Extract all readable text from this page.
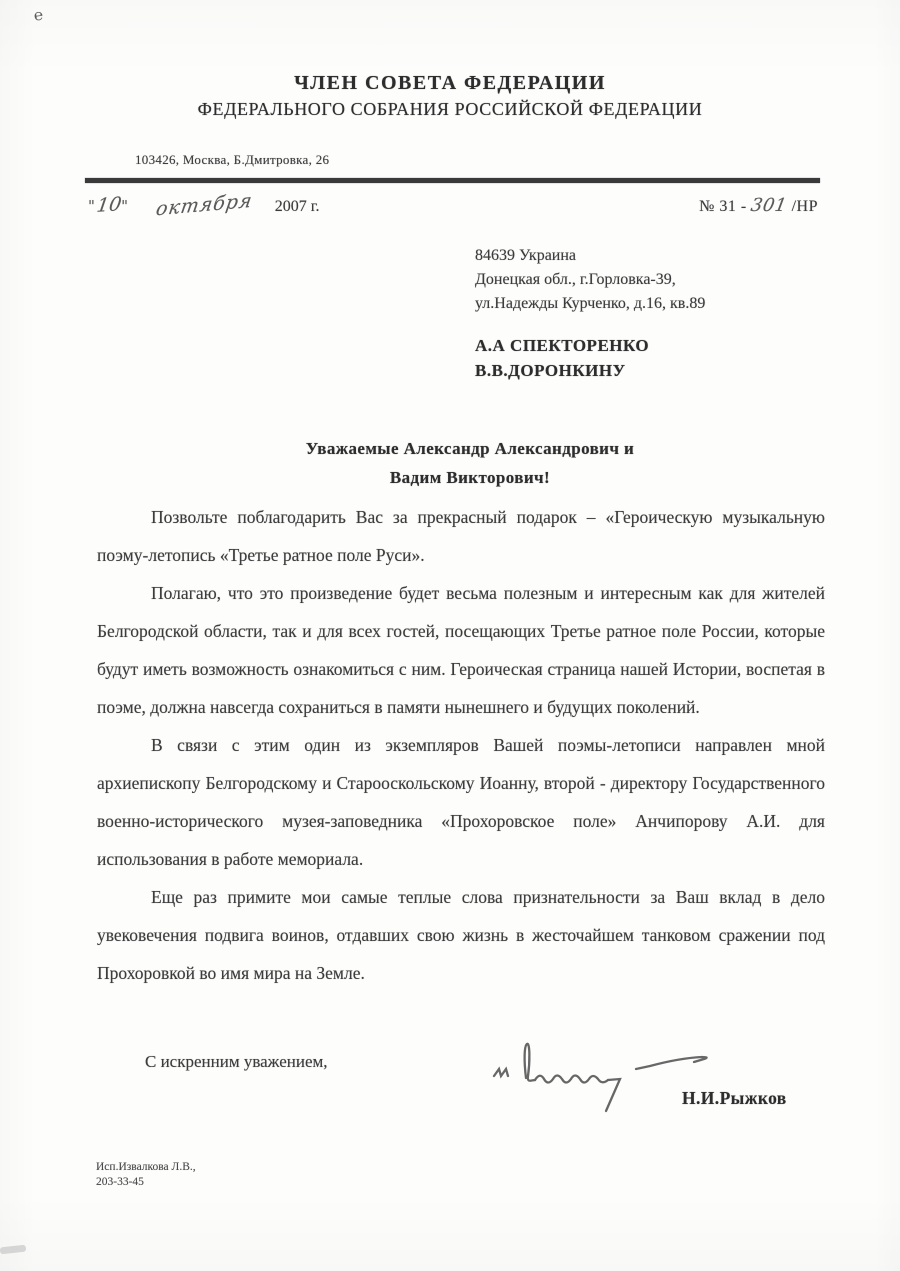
℮
ЧЛЕН СОВЕТА ФЕДЕРАЦИИ
ФЕДЕРАЛЬНОГО СОБРАНИЯ РОССИЙСКОЙ ФЕДЕРАЦИИ
103426, Москва, Б.Дмитровка, 26
" 10
" октября 2007 г.	№ 31 - 301 /НР
84639 Украина
Донецкая обл., г.Горловка-39,
ул.Надежды Курченко, д.16, кв.89
А.А СПЕКТОРЕНКО
В.В.ДОРОНКИНУ
Уважаемые Александр Александрович и
Вадим Викторович!

Позвольте поблагодарить Вас за прекрасный подарок – «Героическую музыкальную поэму-летопись «Третье ратное поле Руси».

Полагаю, что это произведение будет весьма полезным и интересным как для жителей Белгородской области, так и для всех гостей, посещающих Третье ратное поле России, которые будут иметь возможность ознакомиться с ним. Героическая страница нашей Истории, воспетая в поэме, должна навсегда сохраниться в памяти нынешнего и будущих поколений.

В связи с этим один из экземпляров Вашей поэмы-летописи направлен мной архиепископу Белгородскому и Старооскольскому Иоанну, второй - директору Государственного военно-исторического музея-заповедника «Прохоровское поле» Анчипорову А.И. для использования в работе мемориала.

Еще раз примите мои самые теплые слова признательности за Ваш вклад в дело увековечения подвига воинов, отдавших свою жизнь в жесточайшем танковом сражении под Прохоровкой во имя мира на Земле.

С искренним уважением,
Н.И.Рыжков
Исп.Извалкова Л.В.,
203-33-45
